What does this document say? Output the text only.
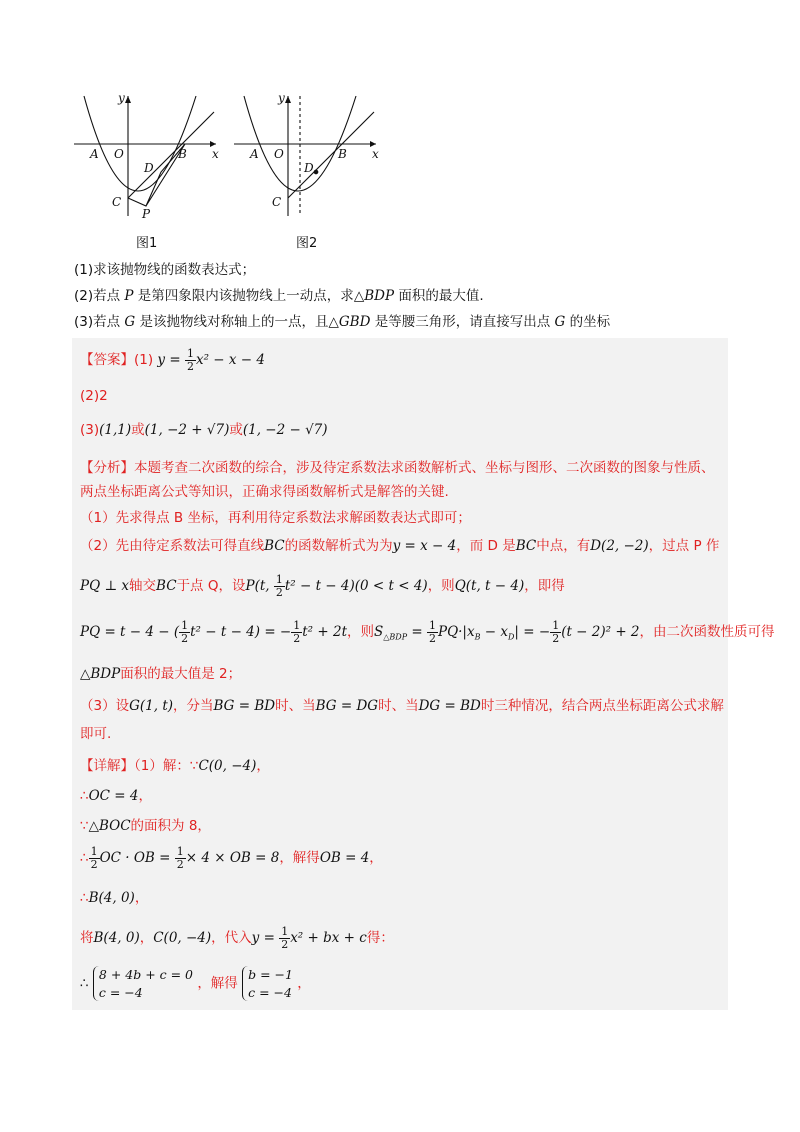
y
x
A O	B
D
C
P
y
x
A O	B
D
C
图1	图2
(1)求该抛物线的函数表达式；
(2)若点 P 是第四象限内该抛物线上一动点，求△BDP 面积的最大值.
(3)若点 G 是该抛物线对称轴上的一点，且△GBD 是等腰三角形，请直接写出点 G 的坐标
【答案】(1) $y = \frac{1}{2} x^2 - x - 4$
(2)2
(3)(1,1)或(1, −2 + √7)或(1, −2 − √7)
【分析】本题考查二次函数的综合，涉及待定系数法求函数解析式、坐标与图形、二次函数的图象与性质、
两点坐标距离公式等知识，正确求得函数解析式是解答的关键.
（1）先求得点 B 坐标，再利用待定系数法求解函数表达式即可；
（2）先由待定系数法可得直线BC的函数解析式为为y = x − 4，而 D 是BC中点，有D(2, −2)，过点 P 作
PQ ⊥ x轴交BC于点 Q，设P(t, $\frac{1}{2} t^2 - t - 4)(0 < t < 4)$，则Q(t, t − 4)，即得
PQ = t − 4 − ( $\frac{1}{2} t^2 - t - 4$) = − $\frac{1}{2} t^2 + 2t$，则$S_{\triangle BDP} = \frac{1}{2} PQ\cdot|x_B - x_D|$ = − $\frac{1}{2} (t - 2)^2 + 2$，由二次函数性质可得
△BDP面积的最大值是 2；
（3）设G(1, t)，分当BG = BD时、当BG = DG时、当DG = BD时三种情况，结合两点坐标距离公式求解
即可.
【详解】（1）解：∵C(0, −4)，
∴OC = 4，
∵△BOC的面积为 8，
∴ $\frac{1}{2}$ OC · OB = $\frac{1}{2} \times 4$ × OB = 8，解得OB = 4，
∴B(4, 0)，
将B(4, 0)，C(0, −4)，代入$y = \frac{1}{2} x^2$ + bx + c得：
∴
8 + 4b + c = 0
c = −4
，解得
b = −1
c = −4
，
